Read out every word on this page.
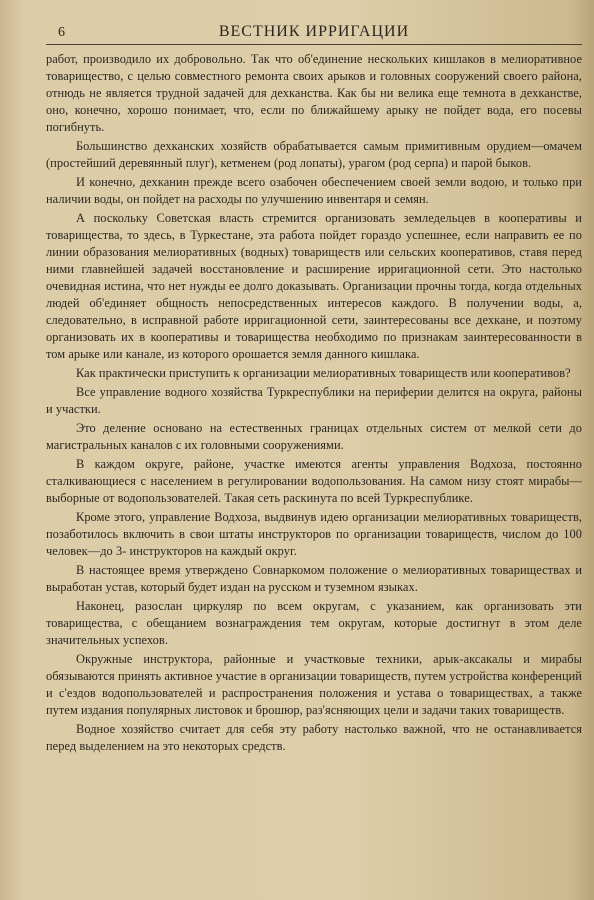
6	ВЕСТНИК ИРРИГАЦИИ

работ, производило их добровольно. Так что об'единение нескольких кишлаков в мелиоративное товарищество, с целью совместного ремонта своих арыков и головных сооружений своего района, отнюдь не является трудной задачей для дехканства. Как бы ни велика еще темнота в дехканстве, оно, конечно, хорошо понимает, что, если по ближайшему арыку не пойдет вода, его посевы погибнуть.

Большинство дехканских хозяйств обрабатывается самым примитивным орудием—омачем (простейший деревянный плуг), кетменем (род лопаты), урагом (род серпа) и парой быков.

И конечно, дехканин прежде всего озабочен обеспечением своей земли водою, и только при наличии воды, он пойдет на расходы по улучшению инвентаря и семян.

А поскольку Советская власть стремится организовать земледельцев в кооперативы и товарищества, то здесь, в Туркестане, эта работа пойдет гораздо успешнее, если направить ее по линии образования мелиоративных (водных) товариществ или сельских кооперативов, ставя перед ними главнейшей задачей восстановление и расширение ирригационной сети. Это настолько очевидная истина, что нет нужды ее долго доказывать. Организации прочны тогда, когда отдельных людей об'единяет общность непосредственных интересов каждого. В получении воды, а, следовательно, в исправной работе ирригационной сети, заинтересованы все дехкане, и поэтому организовать их в кооперативы и товарищества необходимо по признакам заинтересованности в том арыке или канале, из которого орошается земля данного кишлака.

Как практически приступить к организации мелиоративных товариществ или кооперативов?

Все управление водного хозяйства Туркреспублики на периферии делится на округа, районы и участки.

Это деление основано на естественных границах отдельных систем от мелкой сети до магистральных каналов с их головными сооружениями.

В каждом округе, районе, участке имеются агенты управления Водхоза, постоянно сталкивающиеся с населением в регулировании водопользования. На самом низу стоят мирабы—выборные от водопользователей. Такая сеть раскинута по всей Туркреспублике.

Кроме этого, управление Водхоза, выдвинув идею организации мелиоративных товариществ, позаботилось включить в свои штаты инструкторов по организации товариществ, числом до 100 человек—до 3- инструкторов на каждый округ.

В настоящее время утверждено Совнаркомом положение о мелиоративных товариществах и выработан устав, который будет издан на русском и туземном языках.

Наконец, разослан циркуляр по всем округам, с указанием, как организовать эти товарищества, с обещанием вознаграждения тем округам, которые достигнут в этом деле значительных успехов.

Окружные инструктора, районные и участковые техники, арык-аксакалы и мирабы обязываются принять активное участие в организации товариществ, путем устройства конференций и с'ездов водопользователей и распространения положения и устава о товариществах, а также путем издания популярных листовок и брошюр, раз'ясняющих цели и задачи таких товариществ.

Водное хозяйство считает для себя эту работу настолько важной, что не останавливается перед выделением на это некоторых средств.
